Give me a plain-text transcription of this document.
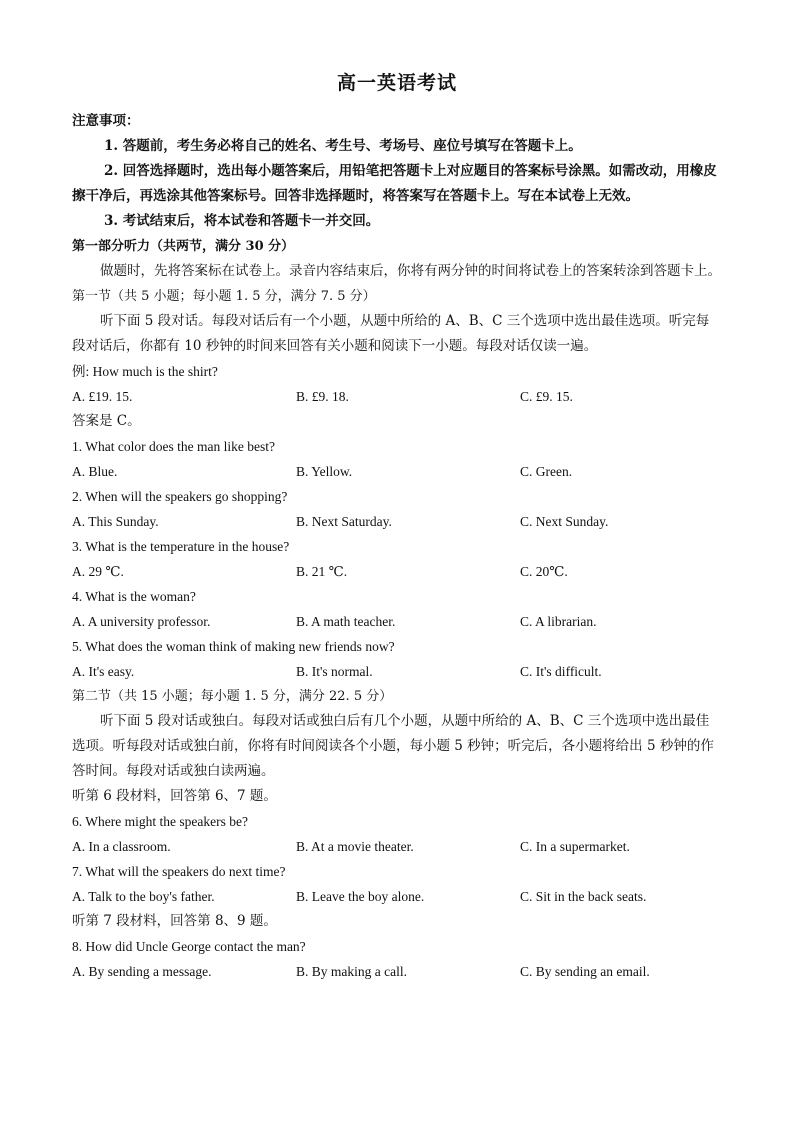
高一英语考试

注意事项：

1. 答题前，考生务必将自己的姓名、考生号、考场号、座位号填写在答题卡上。

2. 回答选择题时，选出每小题答案后，用铅笔把答题卡上对应题目的答案标号涂黑。如需改动，用橡皮擦干净后，再选涂其他答案标号。回答非选择题时，将答案写在答题卡上。写在本试卷上无效。

3. 考试结束后，将本试卷和答题卡一并交回。

第一部分听力（共两节，满分 30 分）

做题时，先将答案标在试卷上。录音内容结束后，你将有两分钟的时间将试卷上的答案转涂到答题卡上。

第一节（共 5 小题；每小题 1. 5 分，满分 7. 5 分）

听下面 5 段对话。每段对话后有一个小题，从题中所给的 A、B、C 三个选项中选出最佳选项。听完每段对话后，你都有 10 秒钟的时间来回答有关小题和阅读下一小题。每段对话仅读一遍。

例: How much is the shirt?

A. £19. 15.	B. £9. 18.	C. £9. 15.

答案是 C。

1. What color does the man like best?

A. Blue.	B. Yellow.	C. Green.

2. When will the speakers go shopping?

A. This Sunday.	B. Next Saturday.	C. Next Sunday.

3. What is the temperature in the house?

A. 29 ℃.	B. 21 ℃.	C. 20℃.

4. What is the woman?

A. A university professor.	B. A math teacher.	C. A librarian.

5. What does the woman think of making new friends now?

A. It's easy.	B. It's normal.	C. It's difficult.

第二节（共 15 小题；每小题 1. 5 分，满分 22. 5 分）

听下面 5 段对话或独白。每段对话或独白后有几个小题，从题中所给的 A、B、C 三个选项中选出最佳选项。听每段对话或独白前，你将有时间阅读各个小题，每小题 5 秒钟；听完后，各小题将给出 5 秒钟的作答时间。每段对话或独白读两遍。

听第 6 段材料，回答第 6、7 题。

6. Where might the speakers be?

A. In a classroom.	B. At a movie theater.	C. In a supermarket.

7. What will the speakers do next time?

A. Talk to the boy's father.	B. Leave the boy alone.	C. Sit in the back seats.

听第 7 段材料，回答第 8、9 题。

8. How did Uncle George contact the man?

A. By sending a message.	B. By making a call.	C. By sending an email.
